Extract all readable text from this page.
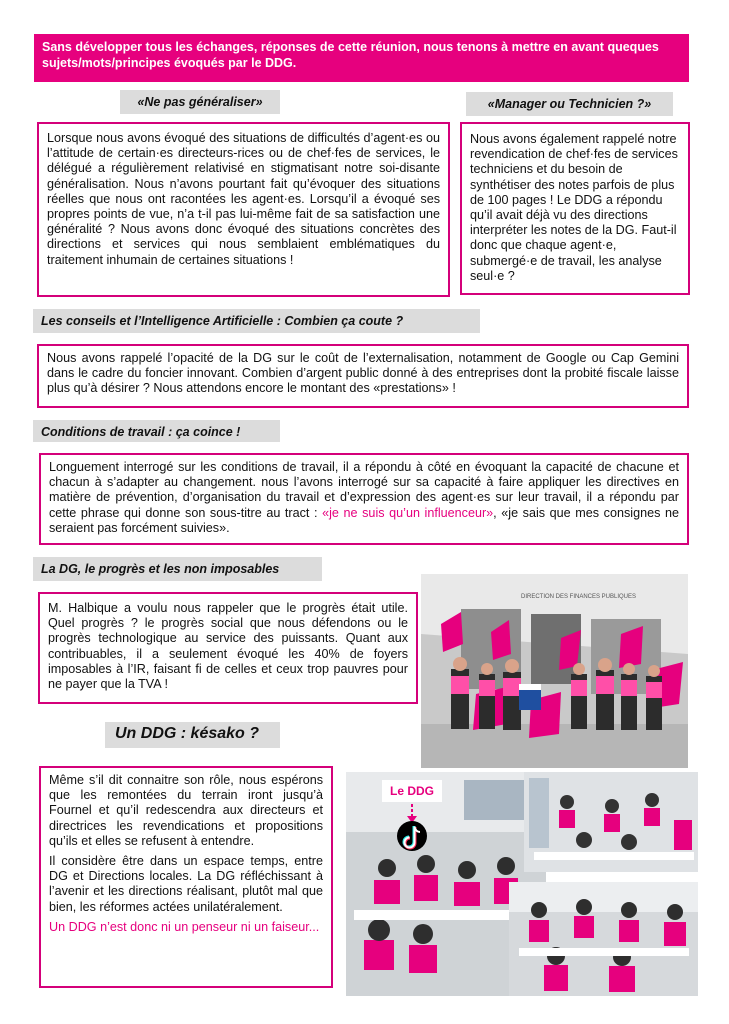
Sans développer tous les échanges, réponses de cette réunion, nous tenons à mettre en avant queques sujets/mots/principes évoqués par le DDG.
«Ne pas généraliser»
Lorsque nous avons évoqué des situations de difficultés d’agent·es ou l’attitude de certain·es directeurs-rices ou de chef·fes de services, le délégué a régulièrement relativisé en stigmatisant notre soi-disante généralisation. Nous n’avons pourtant fait qu’évoquer des situations réelles que nous ont racontées les agent·es. Lorsqu’il a évoqué ses propres points de vue, n’a t-il pas lui-même fait de sa satisfaction une généralité ? Nous avons donc évoqué des situations concrètes des directions et services qui nous semblaient emblématiques du traitement inhumain de certaines situations !
«Manager ou Technicien ?»
Nous avons également rappelé notre revendication de chef·fes de services techniciens et du besoin de synthétiser des notes parfois de plus de 100 pages ! Le DDG a répondu qu’il avait déjà vu des directions interpréter les notes de la DG. Faut-il donc que chaque agent·e, submergé·e de travail, les analyse seul·e ?
Les conseils et l’Intelligence Artificielle : Combien ça coute ?
Nous avons rappelé l’opacité de la DG sur le coût de l’externalisation, notamment de Google ou Cap Gemini dans le cadre du foncier innovant. Combien d’argent public donné à des entreprises dont la probité fiscale laisse plus qu’à désirer ? Nous attendons encore le montant des «prestations» !
Conditions de travail : ça coince !
Longuement interrogé sur les conditions de travail, il a répondu à côté en évoquant la capacité de chacune et chacun à s’adapter au changement. nous l’avons interrogé sur sa capacité à faire appliquer les directives en matière de prévention, d’organisation du travail et d’expression des agent·es sur leur travail, il a répondu par cette phrase qui donne son sous-titre au tract : «je ne suis qu’un influenceur», «je sais que mes consignes ne seraient pas forcément suivies».
La DG, le progrès et les non imposables
M. Halbique a voulu nous rappeler que le progrès était utile. Quel progrès ? le progrès social que nous défendons ou le progrès technologique au service des puissants. Quant aux contribuables, il a seulement évoqué les 40% de foyers imposables à l’IR, faisant fi de celles et ceux trop pauvres pour ne payer que la TVA !
DIRECTION DES FINANCES PUBLIQUES
Un DDG : késako ?

Même s’il dit connaitre son rôle, nous espérons que les remontées du terrain iront jusqu’à Fournel et qu’il redescendra aux directeurs et directrices les revendications et propositions qu’ils et elles se refusent à entendre.

Il considère être dans un espace temps, entre DG et Directions locales. La DG réfléchissant à l’avenir et les directions réalisant, plutôt mal que bien, les réformes actées unilatéralement.

Un DDG n’est donc ni un penseur ni un faiseur...

Le DDG
